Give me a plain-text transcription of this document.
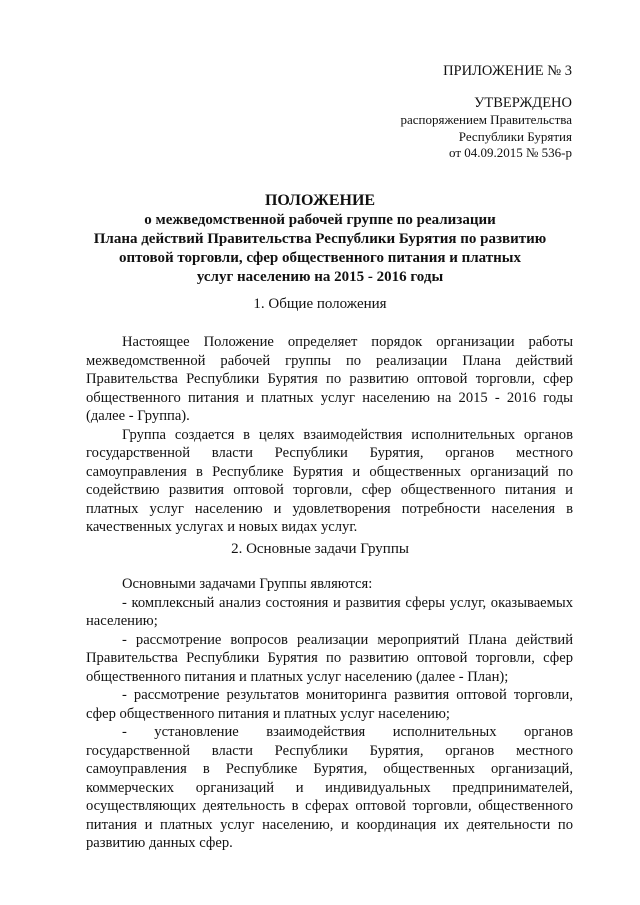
ПРИЛОЖЕНИЕ № 3
УТВЕРЖДЕНО
распоряжением Правительства
Республики Бурятия
от 04.09.2015 № 536-р
ПОЛОЖЕНИЕ
о межведомственной рабочей группе по реализации
Плана действий Правительства Республики Бурятия по развитию
оптовой торговли, сфер общественного питания и платных
услуг населению на 2015 - 2016 годы
1. Общие положения

Настоящее Положение определяет порядок организации работы межведомственной рабочей группы по реализации Плана действий Правительства Республики Бурятия по развитию оптовой торговли, сфер общественного питания и платных услуг населению на 2015 - 2016 годы (далее - Группа).

Группа создается в целях взаимодействия исполнительных органов государственной власти Республики Бурятия, органов местного самоуправления в Республике Бурятия и общественных организаций по содействию развития оптовой торговли, сфер общественного питания и платных услуг населению и удовлетворения потребности населения в качественных услугах и новых видах услуг.

2. Основные задачи Группы

Основными задачами Группы являются:

- комплексный анализ состояния и развития сферы услуг, оказываемых населению;

- рассмотрение вопросов реализации мероприятий Плана действий Правительства Республики Бурятия по развитию оптовой торговли, сфер общественного питания и платных услуг населению (далее - План);

- рассмотрение результатов мониторинга развития оптовой торговли, сфер общественного питания и платных услуг населению;

- установление взаимодействия исполнительных органов государственной власти Республики Бурятия, органов местного самоуправления в Республике Бурятия, общественных организаций, коммерческих организаций и индивидуальных предпринимателей, осуществляющих деятельность в сферах оптовой торговли, общественного питания и платных услуг населению, и координация их деятельности по развитию данных сфер.
